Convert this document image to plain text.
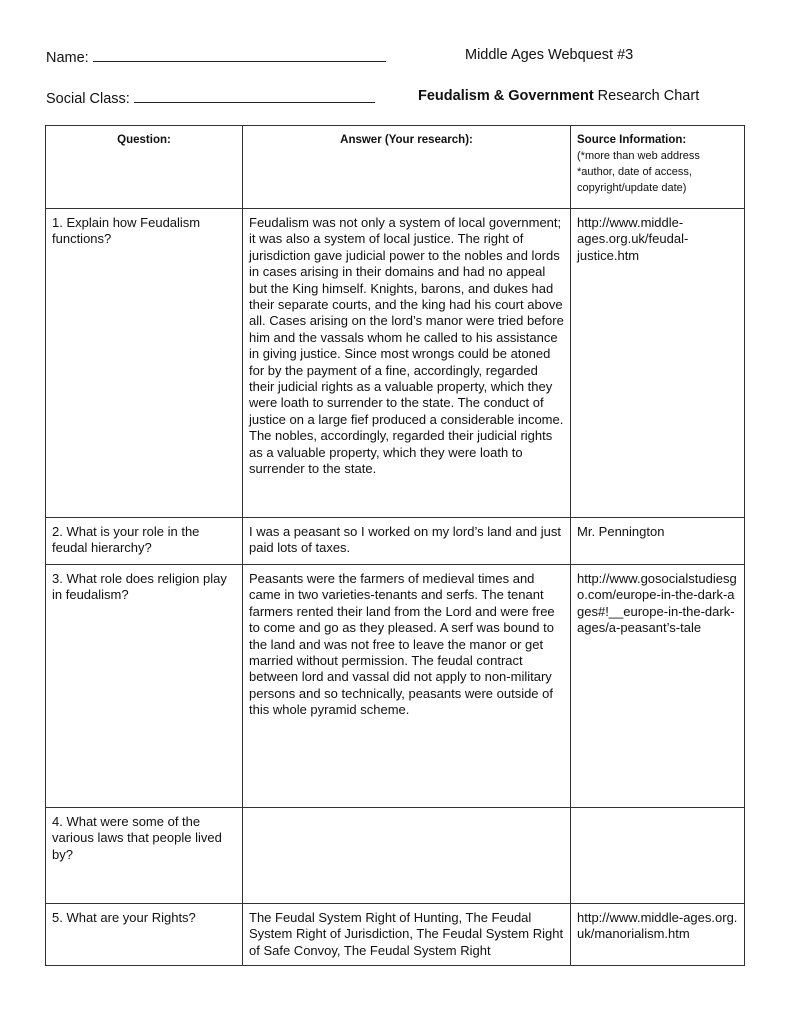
Name:	Middle Ages Webquest #3
Social Class:	Feudalism & Government Research Chart
Question:	Answer (Your research):	Source Information:
(*more than web address
*author, date of access,
copyright/update date)

1. Explain how Feudalism functions?	Feudalism was not only a system of local government; it was also a system of local justice. The right of jurisdiction gave judicial power to the nobles and lords in cases arising in their domains and had no appeal but the King himself. Knights, barons, and dukes had their separate courts, and the king had his court above all. Cases arising on the lord’s manor were tried before him and the vassals whom he called to his assistance in giving justice. Since most wrongs could be atoned for by the payment of a fine, accordingly, regarded their judicial rights as a valuable property, which they were loath to surrender to the state. The conduct of justice on a large fief produced a considerable income. The nobles, accordingly, regarded their judicial rights as a valuable property, which they were loath to surrender to the state.	http://www.middle-ages.org.uk/feudal-justice.htm
2. What is your role in the feudal hierarchy?	I was a peasant so I worked on my lord’s land and just paid lots of taxes.	Mr. Pennington
3. What role does religion play in feudalism?	Peasants were the farmers of medieval times and came in two varieties-tenants and serfs. The tenant farmers rented their land from the Lord and were free to come and go as they pleased. A serf was bound to the land and was not free to leave the manor or get married without permission. The feudal contract between lord and vassal did not apply to non-military persons and so technically, peasants were outside of this whole pyramid scheme.	http://www.gosocialstudiesgo.com/europe-in-the-dark-ages#!__europe-in-the-dark-ages/a-peasant’s-tale
4. What were some of the various laws that people lived by?		
5. What are your Rights?	The Feudal System Right of Hunting, The Feudal System Right of Jurisdiction, The Feudal System Right of Safe Convoy, The Feudal System Right	http://www.middle-ages.org.uk/manorialism.htm
